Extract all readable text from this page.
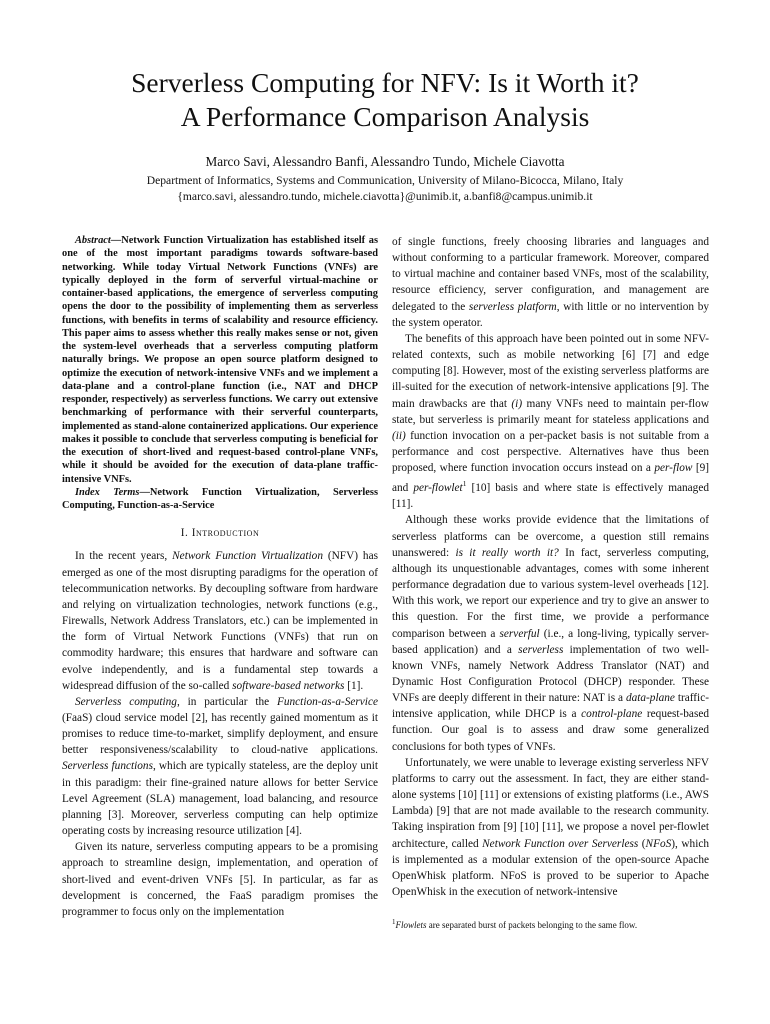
Serverless Computing for NFV: Is it Worth it?
A Performance Comparison Analysis
Marco Savi, Alessandro Banfi, Alessandro Tundo, Michele Ciavotta
Department of Informatics, Systems and Communication, University of Milano-Bicocca, Milano, Italy
{marco.savi, alessandro.tundo, michele.ciavotta}@unimib.it, a.banfi8@campus.unimib.it

Abstract—Network Function Virtualization has established itself as one of the most important paradigms towards software-based networking. While today Virtual Network Functions (VNFs) are typically deployed in the form of serverful virtual-machine or container-based applications, the emergence of serverless computing opens the door to the possibility of implementing them as serverless functions, with benefits in terms of scalability and resource efficiency. This paper aims to assess whether this really makes sense or not, given the system-level overheads that a serverless computing platform naturally brings. We propose an open source platform designed to optimize the execution of network-intensive VNFs and we implement a data-plane and a control-plane function (i.e., NAT and DHCP responder, respectively) as serverless functions. We carry out extensive benchmarking of performance with their serverful counterparts, implemented as stand-alone containerized applications. Our experience makes it possible to conclude that serverless computing is beneficial for the execution of short-lived and request-based control-plane VNFs, while it should be avoided for the execution of data-plane traffic-intensive VNFs.

Index Terms—Network Function Virtualization, Serverless Computing, Function-as-a-Service

I. Introduction

In the recent years, Network Function Virtualization (NFV) has emerged as one of the most disrupting paradigms for the operation of telecommunication networks. By decoupling software from hardware and relying on virtualization technologies, network functions (e.g., Firewalls, Network Address Translators, etc.) can be implemented in the form of Virtual Network Functions (VNFs) that run on commodity hardware; this ensures that hardware and software can evolve independently, and is a fundamental step towards a widespread diffusion of the so-called software-based networks [1].

Serverless computing, in particular the Function-as-a-Service (FaaS) cloud service model [2], has recently gained momentum as it promises to reduce time-to-market, simplify deployment, and ensure better responsiveness/scalability to cloud-native applications. Serverless functions, which are typically stateless, are the deploy unit in this paradigm: their fine-grained nature allows for better Service Level Agreement (SLA) management, load balancing, and resource planning [3]. Moreover, serverless computing can help optimize operating costs by increasing resource utilization [4].

Given its nature, serverless computing appears to be a promising approach to streamline design, implementation, and operation of short-lived and event-driven VNFs [5]. In particular, as far as development is concerned, the FaaS paradigm promises the programmer to focus only on the implementation

of single functions, freely choosing libraries and languages and without conforming to a particular framework. Moreover, compared to virtual machine and container based VNFs, most of the scalability, resource efficiency, server configuration, and management are delegated to the serverless platform, with little or no intervention by the system operator.

The benefits of this approach have been pointed out in some NFV-related contexts, such as mobile networking [6] [7] and edge computing [8]. However, most of the existing serverless platforms are ill-suited for the execution of network-intensive applications [9]. The main drawbacks are that (i) many VNFs need to maintain per-flow state, but serverless is primarily meant for stateless applications and (ii) function invocation on a per-packet basis is not suitable from a performance and cost perspective. Alternatives have thus been proposed, where function invocation occurs instead on a per-flow [9] and per-flowlet$^1$ [10] basis and where state is effectively managed [11].

Although these works provide evidence that the limitations of serverless platforms can be overcome, a question still remains unanswered: is it really worth it? In fact, serverless computing, although its unquestionable advantages, comes with some inherent performance degradation due to various system-level overheads [12]. With this work, we report our experience and try to give an answer to this question. For the first time, we provide a performance comparison between a serverful (i.e., a long-living, typically server-based application) and a serverless implementation of two well-known VNFs, namely Network Address Translator (NAT) and Dynamic Host Configuration Protocol (DHCP) responder. These VNFs are deeply different in their nature: NAT is a data-plane traffic-intensive application, while DHCP is a control-plane request-based function. Our goal is to assess and draw some generalized conclusions for both types of VNFs.

Unfortunately, we were unable to leverage existing serverless NFV platforms to carry out the assessment. In fact, they are either stand-alone systems [10] [11] or extensions of existing platforms (i.e., AWS Lambda) [9] that are not made available to the research community. Taking inspiration from [9] [10] [11], we propose a novel per-flowlet architecture, called Network Function over Serverless (NFoS), which is implemented as a modular extension of the open-source Apache OpenWhisk platform. NFoS is proved to be superior to Apache OpenWhisk in the execution of network-intensive

$^1$Flowlets are separated burst of packets belonging to the same flow.
